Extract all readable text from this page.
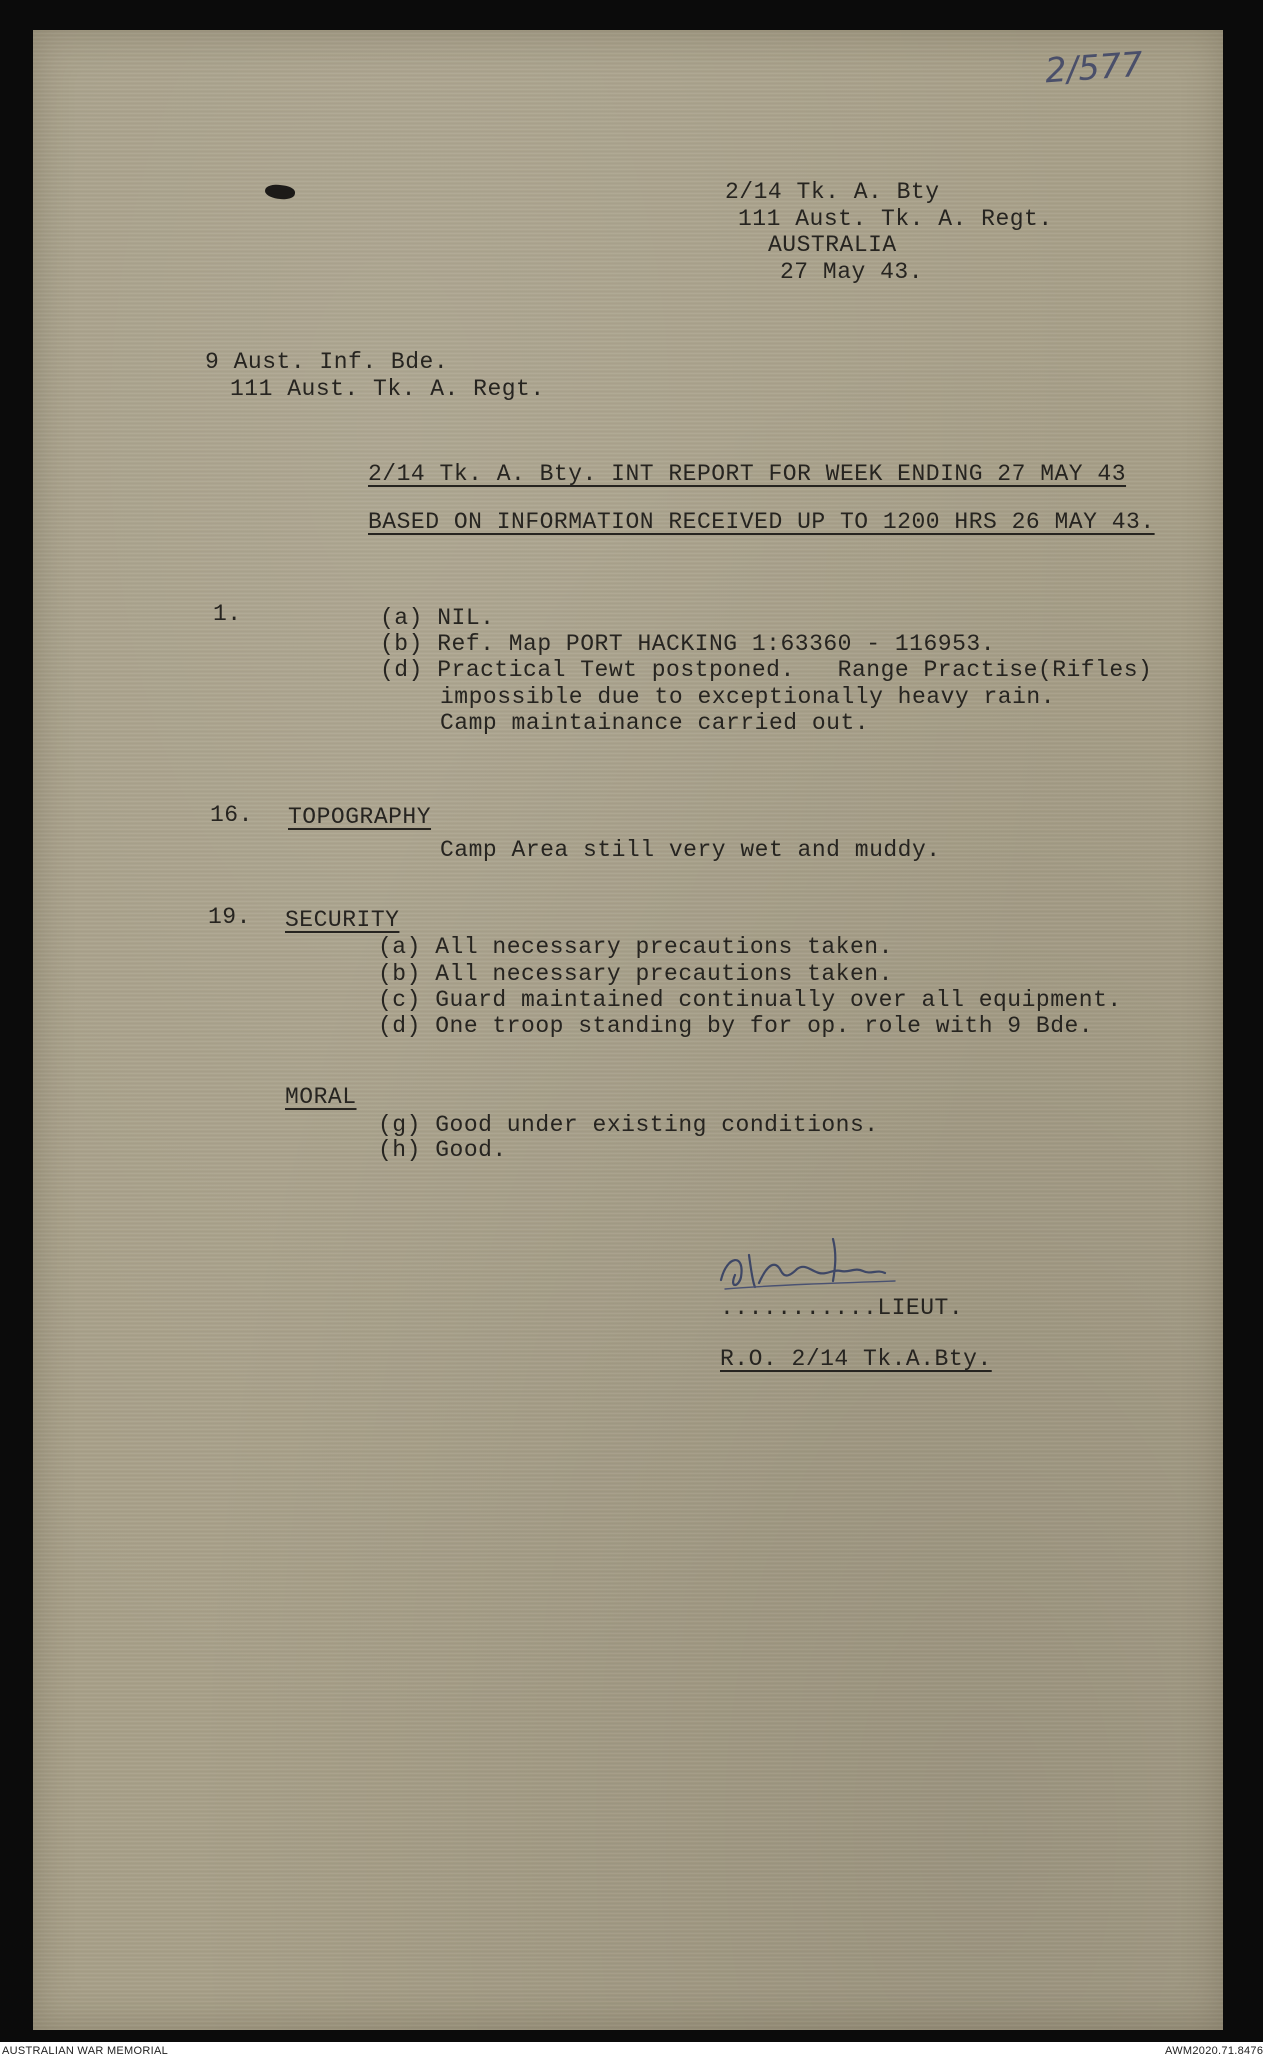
2/577
2/14 Tk. A. Bty
111 Aust. Tk. A. Regt.
AUSTRALIA
27 May 43.
9 Aust. Inf. Bde.
111 Aust. Tk. A. Regt.
2/14 Tk. A. Bty. INT REPORT FOR WEEK ENDING 27 MAY 43
BASED ON INFORMATION RECEIVED UP TO 1200 HRS 26 MAY 43.
1.	(a) NIL.
(b) Ref. Map PORT HACKING 1:63360 - 116953.
(d) Practical Tewt postponed.   Range Practise(Rifles)
impossible due to exceptionally heavy rain.
Camp maintainance carried out.
16. TOPOGRAPHY
Camp Area still very wet and muddy.
19. SECURITY
(a) All necessary precautions taken.
(b) All necessary precautions taken.
(c) Guard maintained continually over all equipment.
(d) One troop standing by for op. role with 9 Bde.
MORAL
(g) Good under existing conditions.
(h) Good.
...........LIEUT.
R.O. 2/14 Tk.A.Bty.
AUSTRALIAN WAR MEMORIAL	AWM2020.71.8476
